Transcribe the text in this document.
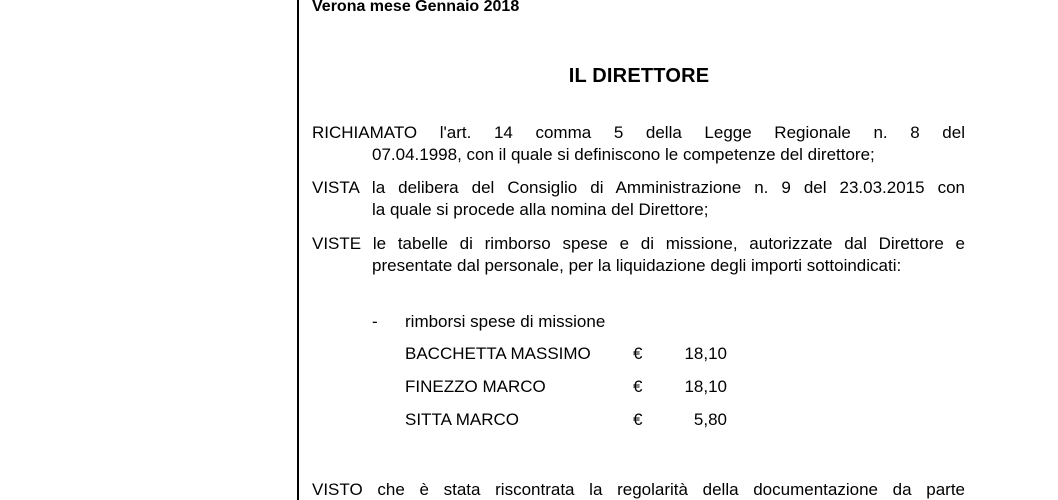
Verona mese Gennaio 2018
IL DIRETTORE
RICHIAMATO l'art. 14 comma 5 della Legge Regionale n. 8 del
07.04.1998, con il quale si definiscono le competenze del direttore;
VISTA la delibera del Consiglio di Amministrazione n. 9 del 23.03.2015 con
la quale si procede alla nomina del Direttore;
VISTE le tabelle di rimborso spese e di missione, autorizzate dal Direttore e
presentate dal personale, per la liquidazione degli importi sottoindicati:
- rimborsi spese di missione
BACCHETTA MASSIMO €	18,10
FINEZZO MARCO	€	18,10
SITTA MARCO	€	5,80
VISTO che è stata riscontrata la regolarità della documentazione da parte
